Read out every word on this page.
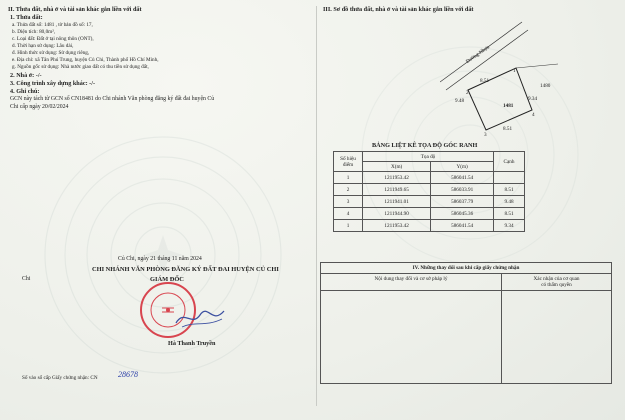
II. Thửa đất, nhà ở và tài sản khác gắn liền với đất
1. Thửa đất:
a. Thửa đất số: 1481 , tờ bản đồ số: 17,
b. Diện tích: 80,0m²,
c. Loại đất: Đất ở tại nông thôn (ONT),
d. Thời hạn sử dụng: Lâu dài,
đ. Hình thức sử dụng: Sử dụng riêng,
e. Địa chỉ: xã Tân Phú Trung, huyện Củ Chi, Thành phố Hồ Chí Minh,
g. Nguồn gốc sử dụng: Nhà nước giao đất có thu tiền sử dụng đất,
2. Nhà ở: -/-
3. Công trình xây dựng khác: -/-
4. Ghi chú:
GCN này tách từ GCN số CN18481 do Chi nhánh Văn phòng đăng ký đất đai huyện Củ
Chi cấp ngày 20/02/2024
Củ Chi, ngày 21 tháng 11 năm 2024
CHI NHÁNH VĂN PHÒNG ĐĂNG KÝ ĐẤT ĐAI HUYỆN CỦ CHI
Chi	GIÁM ĐỐC
Hà Thanh Truyền
Số vào sổ cấp Giấy chứng nhận: CN	28678
III. Sơ đồ thửa đất, nhà ở và tài sản khác gắn liền với đất
Đường Nhựa
1481
1480
8.51
9.48	9.34
8.51
1
2
3
4
BẢNG LIỆT KÊ TỌA ĐỘ GÓC RANH
Số hiệu
điểm	Tọa độ		Cạnh
	X(m)	Y(m)	
1	1211953.42	586041.54	
2	1211949.65	586033.91	8.51
3	1211941.01	586037.79	9.48
4	1211944.90	586045.36	8.51
1	1211953.42	586041.54	9.34
IV. Những thay đổi sau khi cấp giấy chứng nhận
Nội dung thay đổi và cơ sở pháp lý	Xác nhận của cơ quan
có thẩm quyền
